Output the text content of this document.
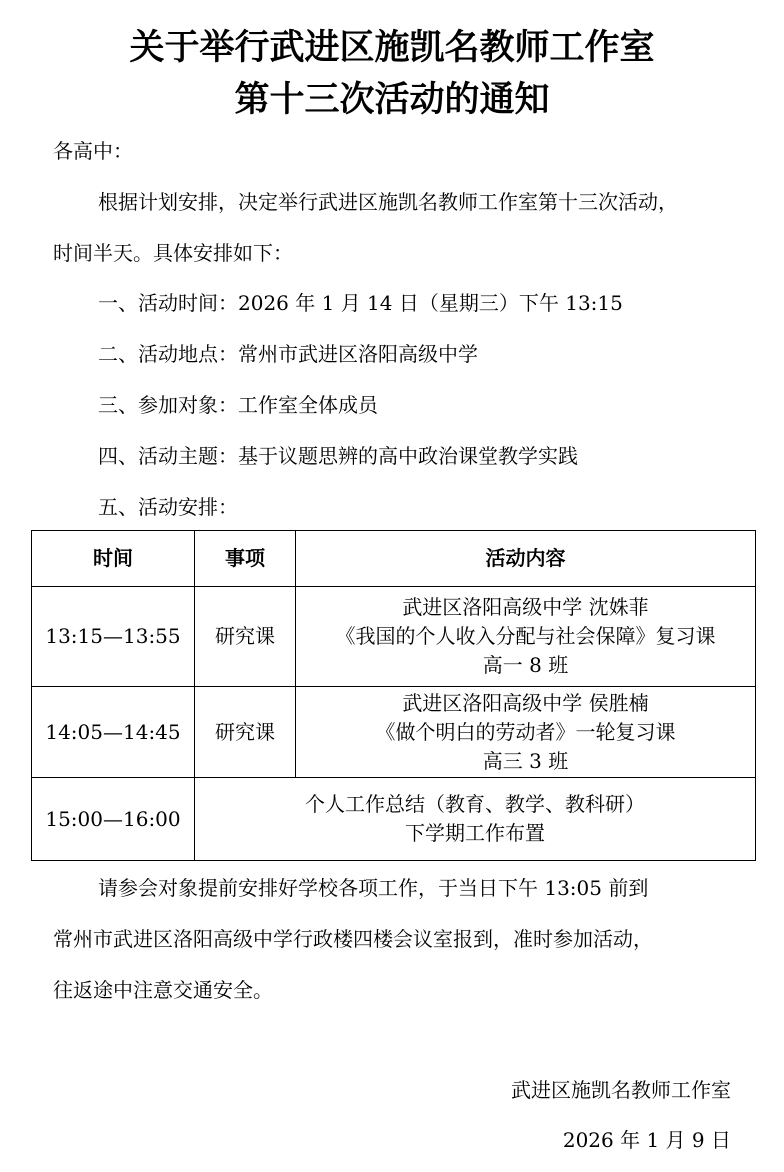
关于举行武进区施凯名教师工作室
第十三次活动的通知

各高中：

根据计划安排，决定举行武进区施凯名教师工作室第十三次活动，

时间半天。具体安排如下：

一、活动时间：2026 年 1 月 14 日（星期三）下午 13:15

二、活动地点：常州市武进区洛阳高级中学

三、参加对象：工作室全体成员

四、活动主题：基于议题思辨的高中政治课堂教学实践

五、活动安排：

时间	事项	活动内容
13:15—13:55	研究课	武进区洛阳高级中学 沈姝菲
《我国的个人收入分配与社会保障》复习课
高一 8 班

14:05—14:45	研究课	武进区洛阳高级中学 侯胜楠
《做个明白的劳动者》一轮复习课
高三 3 班

15:00—16:00	个人工作总结（教育、教学、教科研）
下学期工作布置	

请参会对象提前安排好学校各项工作，于当日下午 13:05 前到

常州市武进区洛阳高级中学行政楼四楼会议室报到，准时参加活动，

往返途中注意交通安全。

武进区施凯名教师工作室

2026 年 1 月 9 日
